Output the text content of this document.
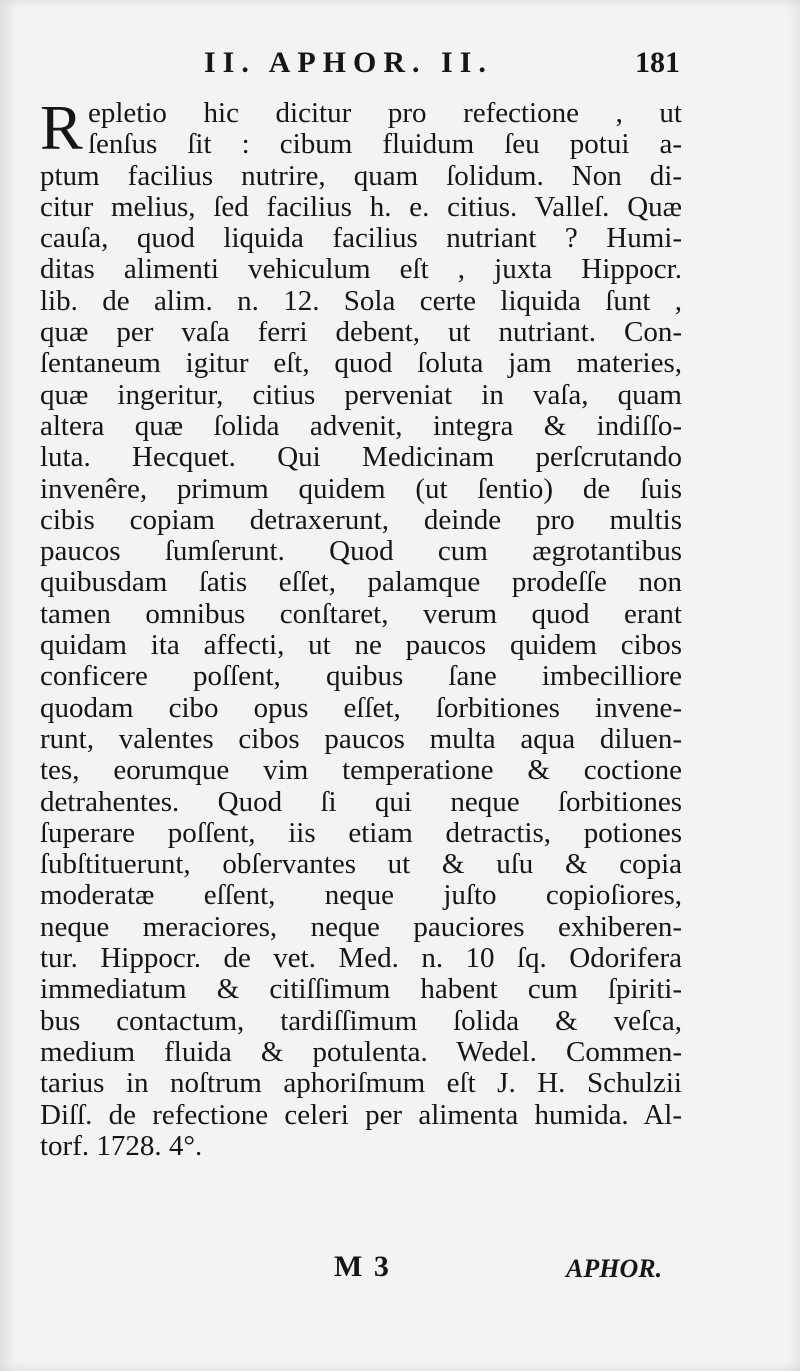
II. APHOR. II.	181
R epletio hic dicitur pro refectione , ut
ſenſus ſit : cibum fluidum ſeu potui a-
ptum facilius nutrire, quam ſolidum. Non di-
citur melius, ſed facilius h. e. citius. Valleſ. Quæ
cauſa, quod liquida facilius nutriant ? Humi-
ditas alimenti vehiculum eſt , juxta Hippocr.
lib. de alim. n. 12. Sola certe liquida ſunt ,
quæ per vaſa ferri debent, ut nutriant. Con-
ſentaneum igitur eſt, quod ſoluta jam materies,
quæ ingeritur, citius perveniat in vaſa, quam
altera quæ ſolida advenit, integra & indiſſo-
luta. Hecquet. Qui Medicinam perſcrutando
invenêre, primum quidem (ut ſentio) de ſuis
cibis copiam detraxerunt, deinde pro multis
paucos ſumſerunt. Quod cum ægrotantibus
quibusdam ſatis eſſet, palamque prodeſſe non
tamen omnibus conſtaret, verum quod erant
quidam ita affecti, ut ne paucos quidem cibos
conficere poſſent, quibus ſane imbecilliore
quodam cibo opus eſſet, ſorbitiones invene-
runt, valentes cibos paucos multa aqua diluen-
tes, eorumque vim temperatione & coctione
detrahentes. Quod ſi qui neque ſorbitiones
ſuperare poſſent, iis etiam detractis, potiones
ſubſtituerunt, obſervantes ut & uſu & copia
moderatæ eſſent, neque juſto copioſiores,
neque meraciores, neque pauciores exhiberen-
tur. Hippocr. de vet. Med. n. 10 ſq. Odorifera
immediatum & citiſſimum habent cum ſpiriti-
bus contactum, tardiſſimum ſolida & veſca,
medium fluida & potulenta. Wedel. Commen-
tarius in noſtrum aphoriſmum eſt J. H. Schulzii
Diſſ. de refectione celeri per alimenta humida. Al-
torf. 1728. 4°.
M 3	APHOR.
